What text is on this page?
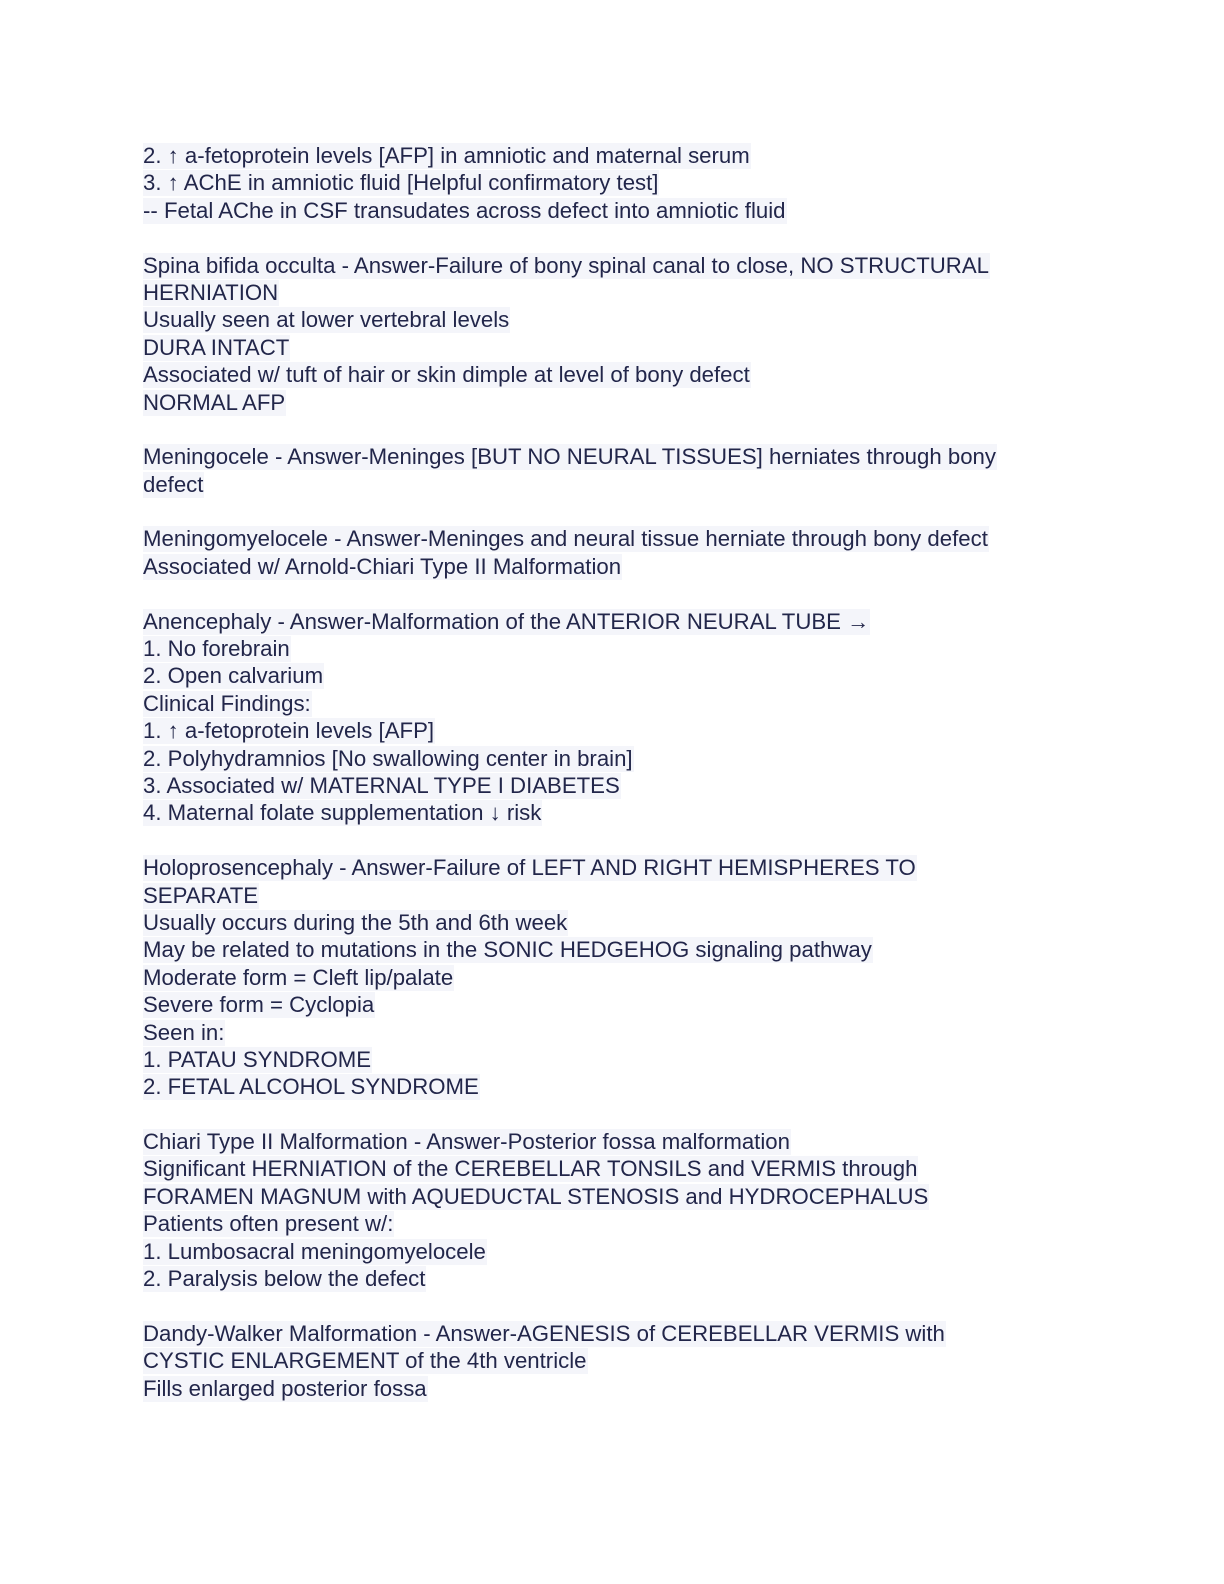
2. ↑ a-fetoprotein levels [AFP] in amniotic and maternal serum
3. ↑ AChE in amniotic fluid [Helpful confirmatory test]
-- Fetal AChe in CSF transudates across defect into amniotic fluid
Spina bifida occulta - Answer-Failure of bony spinal canal to close, NO STRUCTURAL
HERNIATION
Usually seen at lower vertebral levels
DURA INTACT
Associated w/ tuft of hair or skin dimple at level of bony defect
NORMAL AFP
Meningocele - Answer-Meninges [BUT NO NEURAL TISSUES] herniates through bony
defect
Meningomyelocele - Answer-Meninges and neural tissue herniate through bony defect
Associated w/ Arnold-Chiari Type II Malformation
Anencephaly - Answer-Malformation of the ANTERIOR NEURAL TUBE →
1. No forebrain
2. Open calvarium
Clinical Findings:
1. ↑ a-fetoprotein levels [AFP]
2. Polyhydramnios [No swallowing center in brain]
3. Associated w/ MATERNAL TYPE I DIABETES
4. Maternal folate supplementation ↓ risk
Holoprosencephaly - Answer-Failure of LEFT AND RIGHT HEMISPHERES TO
SEPARATE
Usually occurs during the 5th and 6th week
May be related to mutations in the SONIC HEDGEHOG signaling pathway
Moderate form = Cleft lip/palate
Severe form = Cyclopia
Seen in:
1. PATAU SYNDROME
2. FETAL ALCOHOL SYNDROME
Chiari Type II Malformation - Answer-Posterior fossa malformation
Significant HERNIATION of the CEREBELLAR TONSILS and VERMIS through
FORAMEN MAGNUM with AQUEDUCTAL STENOSIS and HYDROCEPHALUS
Patients often present w/:
1. Lumbosacral meningomyelocele
2. Paralysis below the defect
Dandy-Walker Malformation - Answer-AGENESIS of CEREBELLAR VERMIS with
CYSTIC ENLARGEMENT of the 4th ventricle
Fills enlarged posterior fossa
